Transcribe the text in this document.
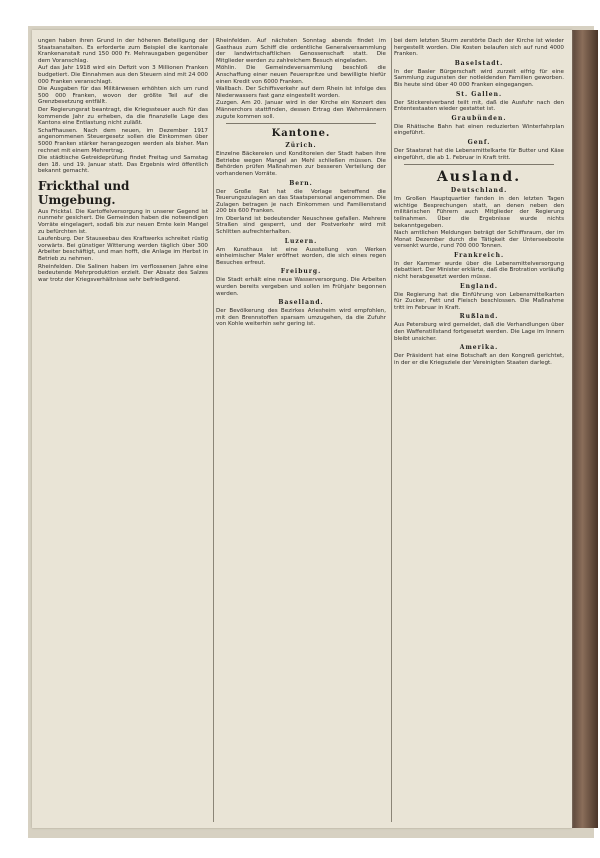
ungen haben ihren Grund in der höheren Beteiligung der Staatsanstalten. Es erforderte zum Beispiel die kantonale Krankenanstalt rund 150 000 Fr. Mehrausgaben gegenüber dem Voranschlag.

Auf das Jahr 1918 wird ein Defizit von 3 Millionen Franken budgetiert. Die Einnahmen aus den Steuern sind mit 24 000 000 Franken veranschlagt.

Die Ausgaben für das Militärwesen erhöhten sich um rund 500 000 Franken, wovon der größte Teil auf die Grenzbesetzung entfällt.

Der Regierungsrat beantragt, die Kriegssteuer auch für das kommende Jahr zu erheben, da die finanzielle Lage des Kantons eine Entlastung nicht zuläßt.

Schaffhausen. Nach dem neuen, im Dezember 1917 angenommenen Steuergesetz sollen die Einkommen über 5000 Franken stärker herangezogen werden als bisher. Man rechnet mit einem Mehrertrag.

Die städtische Getreideprüfung findet Freitag und Samstag den 18. und 19. Januar statt. Das Ergebnis wird öffentlich bekannt gemacht.

Frickthal und Umgebung.

Aus Fricktal. Die Kartoffelversorgung in unserer Gegend ist nunmehr gesichert. Die Gemeinden haben die notwendigen Vorräte eingelagert, sodaß bis zur neuen Ernte kein Mangel zu befürchten ist.

Laufenburg. Der Stauseebau des Kraftwerks schreitet rüstig vorwärts. Bei günstiger Witterung werden täglich über 300 Arbeiter beschäftigt, und man hofft, die Anlage im Herbst in Betrieb zu nehmen.

Rheinfelden. Die Salinen haben im verflossenen Jahre eine bedeutende Mehrproduktion erzielt. Der Absatz des Salzes war trotz der Kriegsverhältnisse sehr befriedigend.

Rheinfelden. Auf nächsten Sonntag abends findet im Gasthaus zum Schiff die ordentliche Generalversammlung der landwirtschaftlichen Genossenschaft statt. Die Mitglieder werden zu zahlreichem Besuch eingeladen.

Möhlin. Die Gemeindeversammlung beschloß die Anschaffung einer neuen Feuerspritze und bewilligte hiefür einen Kredit von 6000 Franken.

Wallbach. Der Schiffsverkehr auf dem Rhein ist infolge des Niederwassers fast ganz eingestellt worden.

Zuzgen. Am 20. Januar wird in der Kirche ein Konzert des Männerchors stattfinden, dessen Ertrag den Wehrmännern zugute kommen soll.

Kantone.
Zürich.

Einzelne Bäckereien und Konditoreien der Stadt haben ihre Betriebe wegen Mangel an Mehl schließen müssen. Die Behörden prüfen Maßnahmen zur besseren Verteilung der vorhandenen Vorräte.

Bern.

Der Große Rat hat die Vorlage betreffend die Teuerungszulagen an das Staatspersonal angenommen. Die Zulagen betragen je nach Einkommen und Familienstand 200 bis 600 Franken.

Im Oberland ist bedeutender Neuschnee gefallen. Mehrere Straßen sind gesperrt, und der Postverkehr wird mit Schlitten aufrechterhalten.

Luzern.

Am Kunsthaus ist eine Ausstellung von Werken einheimischer Maler eröffnet worden, die sich eines regen Besuches erfreut.

Freiburg.

Die Stadt erhält eine neue Wasserversorgung. Die Arbeiten wurden bereits vergeben und sollen im Frühjahr begonnen werden.

Baselland.

Der Bevölkerung des Bezirkes Arlesheim wird empfohlen, mit den Brennstoffen sparsam umzugehen, da die Zufuhr von Kohle weiterhin sehr gering ist.

bei dem letzten Sturm zerstörte Dach der Kirche ist wieder hergestellt worden. Die Kosten belaufen sich auf rund 4000 Franken.

Baselstadt.

In der Basler Bürgerschaft wird zurzeit eifrig für eine Sammlung zugunsten der notleidenden Familien geworben. Bis heute sind über 40 000 Franken eingegangen.

St. Gallen.

Der Stickereiverband teilt mit, daß die Ausfuhr nach den Ententestaaten wieder gestattet ist.

Graubünden.

Die Rhätische Bahn hat einen reduzierten Winterfahrplan eingeführt.

Genf.

Der Staatsrat hat die Lebensmittelkarte für Butter und Käse eingeführt, die ab 1. Februar in Kraft tritt.

Ausland.
Deutschland.

Im Großen Hauptquartier fanden in den letzten Tagen wichtige Besprechungen statt, an denen neben den militärischen Führern auch Mitglieder der Regierung teilnahmen. Über die Ergebnisse wurde nichts bekanntgegeben.

Nach amtlichen Meldungen beträgt der Schiffsraum, der im Monat Dezember durch die Tätigkeit der Unterseeboote versenkt wurde, rund 700 000 Tonnen.

Frankreich.

In der Kammer wurde über die Lebensmittelversorgung debattiert. Der Minister erklärte, daß die Brotration vorläufig nicht herabgesetzt werden müsse.

England.

Die Regierung hat die Einführung von Lebensmittelkarten für Zucker, Fett und Fleisch beschlossen. Die Maßnahme tritt im Februar in Kraft.

Rußland.

Aus Petersburg wird gemeldet, daß die Verhandlungen über den Waffenstillstand fortgesetzt werden. Die Lage im Innern bleibt unsicher.

Amerika.

Der Präsident hat eine Botschaft an den Kongreß gerichtet, in der er die Kriegsziele der Vereinigten Staaten darlegt.
